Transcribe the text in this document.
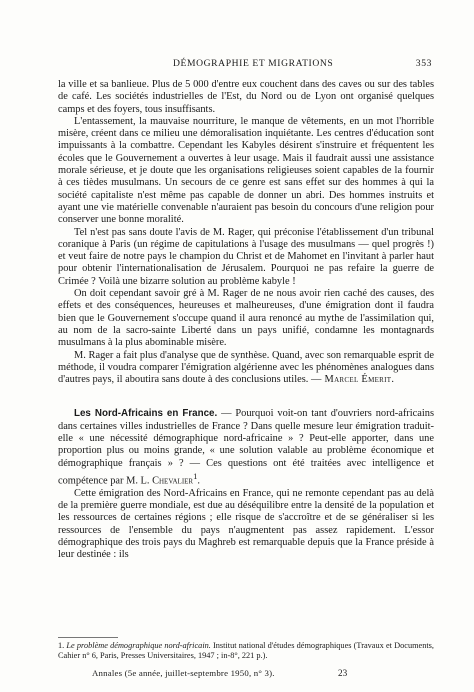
DÉMOGRAPHIE ET MIGRATIONS	353

la ville et sa banlieue. Plus de 5 000 d'entre eux couchent dans des caves ou sur des tables de café. Les sociétés industrielles de l'Est, du Nord ou de Lyon ont organisé quelques camps et des foyers, tous insuffisants.

L'entassement, la mauvaise nourriture, le manque de vêtements, en un mot l'horrible misère, créent dans ce milieu une démoralisation inquiétante. Les centres d'éducation sont impuissants à la combattre. Cependant les Kabyles désirent s'instruire et fréquentent les écoles que le Gouvernement a ouvertes à leur usage. Mais il faudrait aussi une assistance morale sérieuse, et je doute que les organisations religieuses soient capables de la fournir à ces tièdes musulmans. Un secours de ce genre est sans effet sur des hommes à qui la société capitaliste n'est même pas capable de donner un abri. Des hommes instruits et ayant une vie matérielle convenable n'auraient pas besoin du concours d'une religion pour conserver une bonne moralité.

Tel n'est pas sans doute l'avis de M. Rager, qui préconise l'établissement d'un tribunal coranique à Paris (un régime de capitulations à l'usage des musulmans — quel progrès !) et veut faire de notre pays le champion du Christ et de Mahomet en l'invitant à parler haut pour obtenir l'internationalisation de Jérusalem. Pourquoi ne pas refaire la guerre de Crimée ? Voilà une bizarre solution au problème kabyle !

On doit cependant savoir gré à M. Rager de ne nous avoir rien caché des causes, des effets et des conséquences, heureuses et malheureuses, d'une émigration dont il faudra bien que le Gouvernement s'occupe quand il aura renoncé au mythe de l'assimilation qui, au nom de la sacro-sainte Liberté dans un pays unifié, condamne les montagnards musulmans à la plus abominable misère.

M. Rager a fait plus d'analyse que de synthèse. Quand, avec son remarquable esprit de méthode, il voudra comparer l'émigration algérienne avec les phénomènes analogues dans d'autres pays, il aboutira sans doute à des conclusions utiles. — Marcel Émerit.

Les Nord-Africains en France. — Pourquoi voit-on tant d'ouvriers nord-africains dans certaines villes industrielles de France ? Dans quelle mesure leur émigration traduit-elle « une nécessité démographique nord-africaine » ? Peut-elle apporter, dans une proportion plus ou moins grande, « une solution valable au problème économique et démographique français » ? — Ces questions ont été traitées avec intelligence et compétence par M. L. Chevalier$^1$.

Cette émigration des Nord-Africains en France, qui ne remonte cependant pas au delà de la première guerre mondiale, est due au déséquilibre entre la densité de la population et les ressources de certaines régions ; elle risque de s'accroître et de se généraliser si les ressources de l'ensemble du pays n'augmentent pas assez rapidement. L'essor démographique des trois pays du Maghreb est remarquable depuis que la France préside à leur destinée : ils

1. Le problème démographique nord-africain. Institut national d'études démographiques (Travaux et Documents, Cahier n° 6, Paris, Presses Universitaires, 1947 ; in-8°, 221 p.).
Annales (5e année, juillet-septembre 1950, n° 3).	23
